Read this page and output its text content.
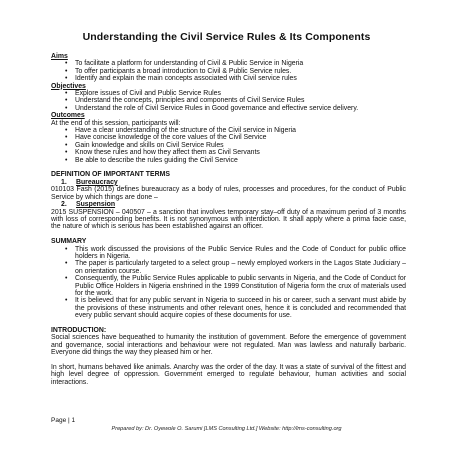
Understanding the Civil Service Rules & Its Components
Aims
• To facilitate a platform for understanding of Civil & Public Service in Nigeria
• To offer participants a broad introduction to Civil & Public Service rules.
• Identify and explain the main concepts associated with Civil service rules
Objectives
• Explore issues of Civil and Public Service Rules
• Understand the concepts, principles and components of Civil Service Rules
• Understand the role of Civil Service Rules in Good governance and effective service delivery.
Outcomes

At the end of this session, participants will:

• Have a clear understanding of the structure of the Civil service in Nigeria
• Have concise knowledge of the core values of the Civil Service
• Gain knowledge and skills on Civil Service Rules
• Know these rules and how they affect them as Civil Servants
• Be able to describe the rules guiding the Civil Service
DEFINITION OF IMPORTANT TERMS
1. Bureaucracy

010103 Fash (2015) defines bureaucracy as a body of rules, processes and procedures, for the conduct of Public Service by which things are done –

2. Suspension

2015 SUSPENSION – 040507 – a sanction that involves temporary stay–off duty of a maximum period of 3 months with loss of corresponding benefits. It is not synonymous with interdiction. It shall apply where a prima facie case, the nature of which is serious has been established against an officer.

SUMMARY
• This work discussed the provisions of the Public Service Rules and the Code of Conduct for public office holders in Nigeria.
• The paper is particularly targeted to a select group – newly employed workers in the Lagos State Judiciary – on orientation course.
• Consequently, the Public Service Rules applicable to public servants in Nigeria, and the Code of Conduct for Public Office Holders in Nigeria enshrined in the 1999 Constitution of Nigeria form the crux of materials used for the work.
• It is believed that for any public servant in Nigeria to succeed in his or career, such a servant must abide by the provisions of these instruments and other relevant ones, hence it is concluded and recommended that every public servant should acquire copies of these documents for use.
INTRODUCTION:

Social sciences have bequeathed to humanity the institution of government. Before the emergence of government and governance, social interactions and behaviour were not regulated. Man was lawless and naturally barbaric. Everyone did things the way they pleased him or her.

In short, humans behaved like animals. Anarchy was the order of the day. It was a state of survival of the fittest and high level degree of oppression. Government emerged to regulate behaviour, human activities and social interactions.

Page | 1
Prepared by: Dr. Oyewole O. Sarumi [LMS Consulting Ltd.] Website: http://lms-consulting.org
